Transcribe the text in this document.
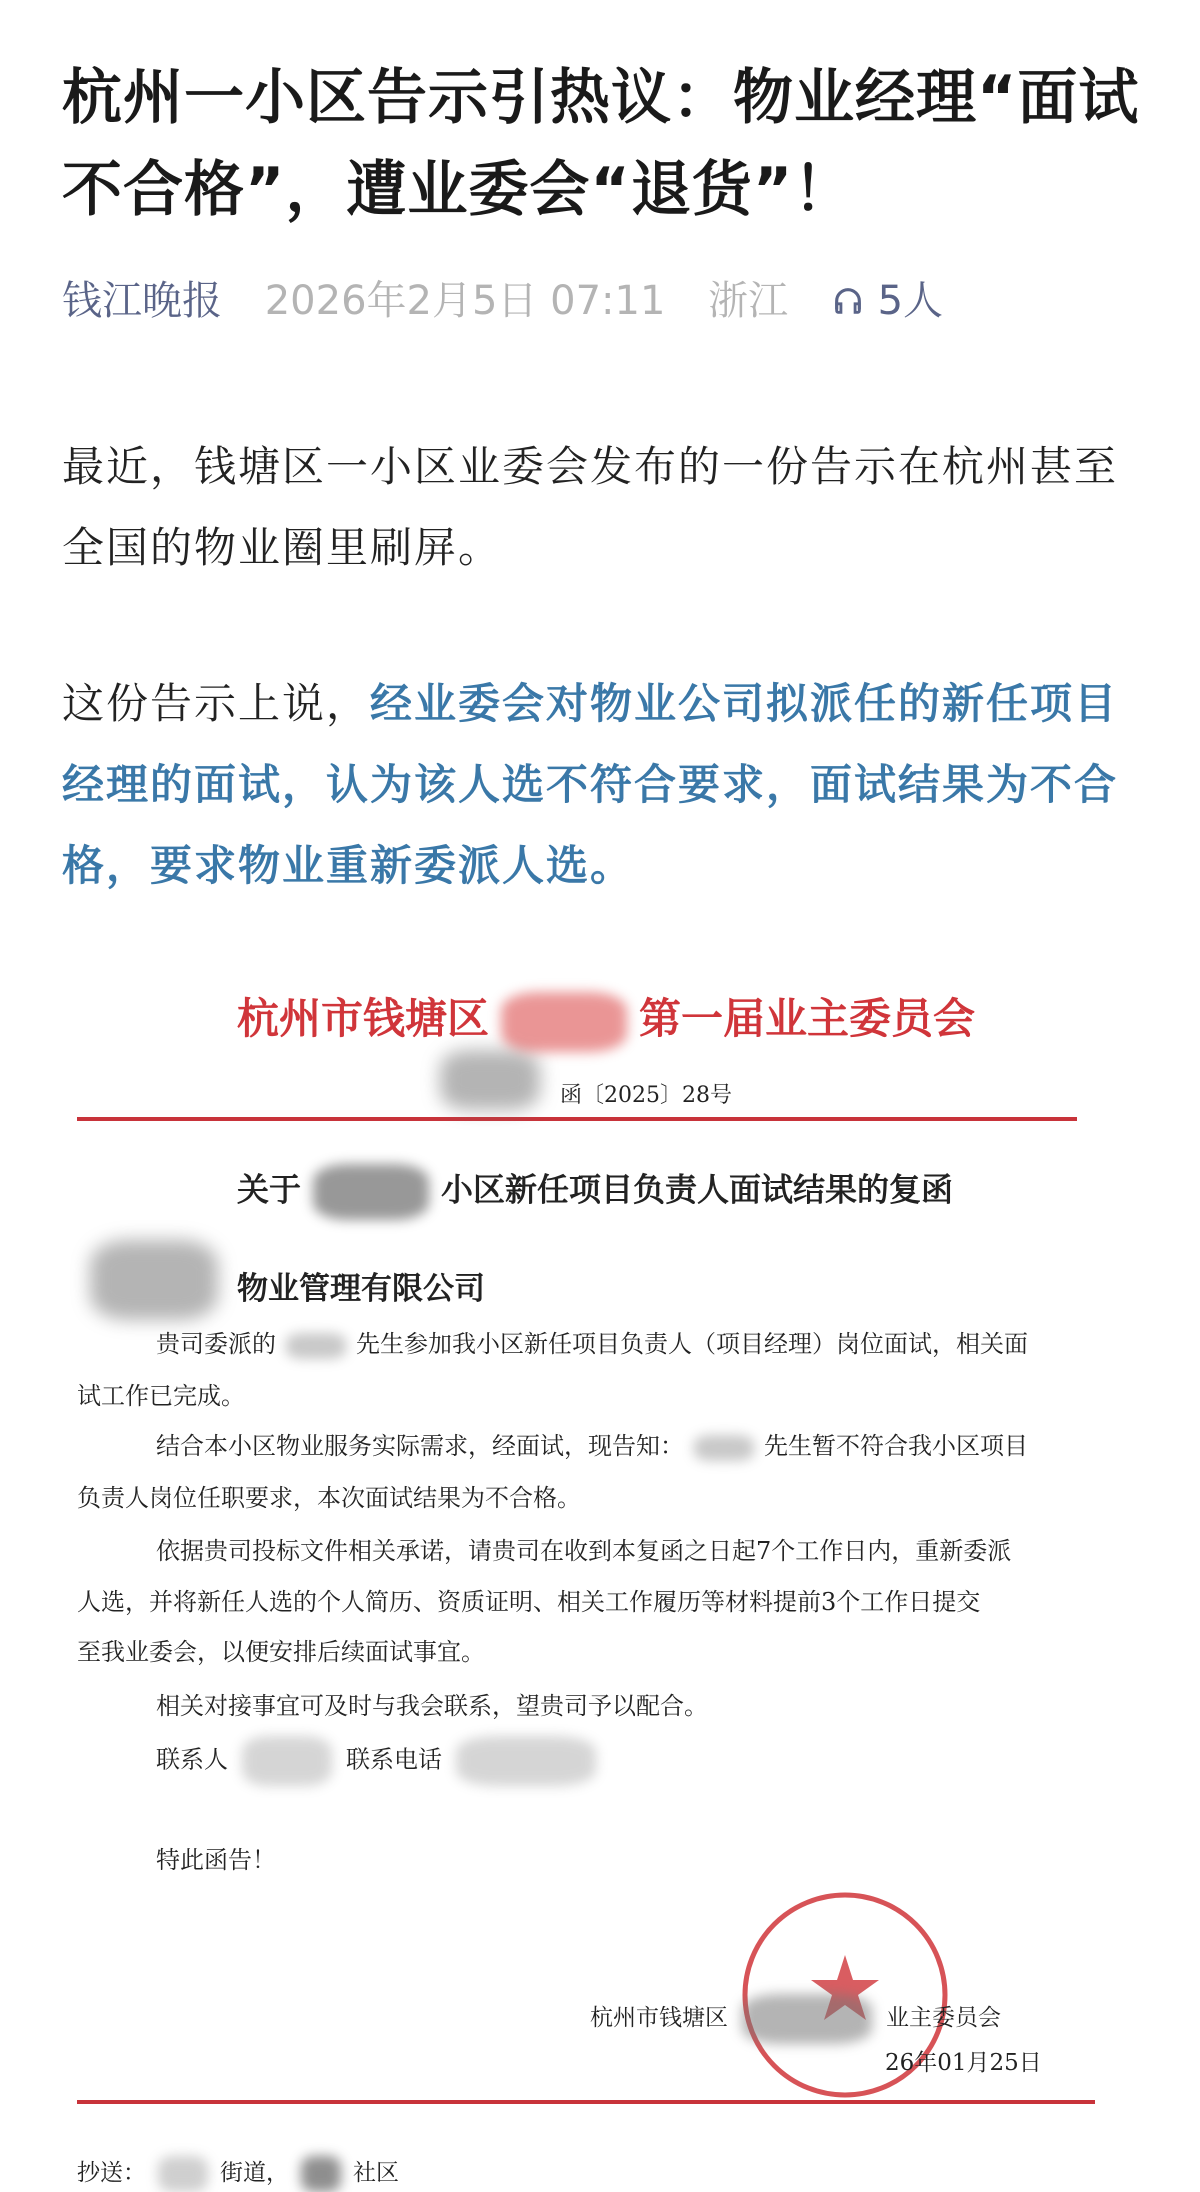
杭州一小区告示引热议：物业经理“面试不合格”，遭业委会“退货”！
钱江晚报 2026年2月5日 07:11 浙江 5人
最近，钱塘区一小区业委会发布的一份告示在杭州甚至全国的物业圈里刷屏。
这份告示上说，经业委会对物业公司拟派任的新任项目经理的面试，认为该人选不符合要求，面试结果为不合格，要求物业重新委派人选。
杭州市钱塘区	第一届业主委员会
函〔2025〕28号
关于	小区新任项目负责人面试结果的复函
物业管理有限公司
贵司委派的	先生参加我小区新任项目负责人（项目经理）岗位面试，相关面
试工作已完成。
结合本小区物业服务实际需求，经面试，现告知：	先生暂不符合我小区项目
负责人岗位任职要求，本次面试结果为不合格。
依据贵司投标文件相关承诺，请贵司在收到本复函之日起7个工作日内，重新委派
人选，并将新任人选的个人简历、资质证明、相关工作履历等材料提前3个工作日提交
至我业委会，以便安排后续面试事宜。
相关对接事宜可及时与我会联系，望贵司予以配合。
联系人	联系电话
特此函告！
杭州市钱塘区	业主委员会
26年01月25日
抄送：	街道，	社区
